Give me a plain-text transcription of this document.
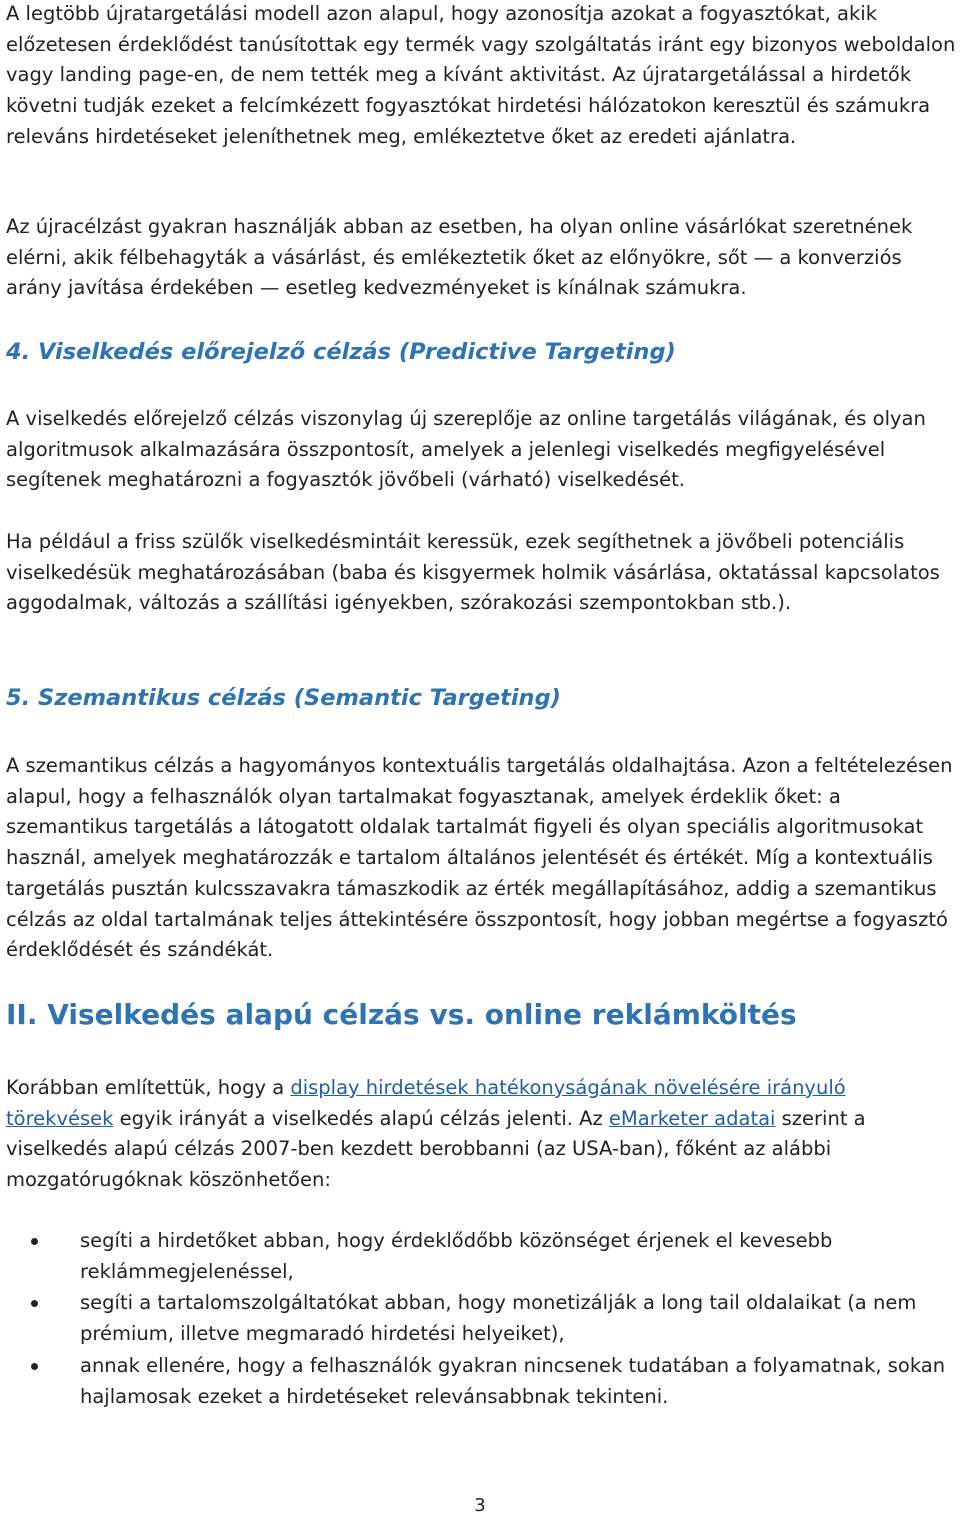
A legtöbb újratargetálási modell azon alapul, hogy azonosítja azokat a fogyasztókat, akik előzetesen érdeklődést tanúsítottak egy termék vagy szolgáltatás iránt egy bizonyos weboldalon vagy landing page-en, de nem tették meg a kívánt aktivitást. Az újratargetálással a hirdetők követni tudják ezeket a felcímkézett fogyasztókat hirdetési hálózatokon keresztül és számukra releváns hirdetéseket jeleníthetnek meg, emlékeztetve őket az eredeti ajánlatra.

Az újracélzást gyakran használják abban az esetben, ha olyan online vásárlókat szeretnének elérni, akik félbehagyták a vásárlást, és emlékeztetik őket az előnyökre, sőt — a konverziós arány javítása érdekében — esetleg kedvezményeket is kínálnak számukra.

4. Viselkedés előrejelző célzás (Predictive Targeting)

A viselkedés előrejelző célzás viszonylag új szereplője az online targetálás világának, és olyan algoritmusok alkalmazására összpontosít, amelyek a jelenlegi viselkedés megfigyelésével segítenek meghatározni a fogyasztók jövőbeli (várható) viselkedését.

Ha például a friss szülők viselkedésmintáit keressük, ezek segíthetnek a jövőbeli potenciális viselkedésük meghatározásában (baba és kisgyermek holmik vásárlása, oktatással kapcsolatos aggodalmak, változás a szállítási igényekben, szórakozási szempontokban stb.).

5. Szemantikus célzás (Semantic Targeting)

A szemantikus célzás a hagyományos kontextuális targetálás oldalhajtása. Azon a feltételezésen alapul, hogy a felhasználók olyan tartalmakat fogyasztanak, amelyek érdeklik őket: a szemantikus targetálás a látogatott oldalak tartalmát figyeli és olyan speciális algoritmusokat használ, amelyek meghatározzák e tartalom általános jelentését és értékét. Míg a kontextuális targetálás pusztán kulcsszavakra támaszkodik az érték megállapításához, addig a szemantikus célzás az oldal tartalmának teljes áttekintésére összpontosít, hogy jobban megértse a fogyasztó érdeklődését és szándékát.

II. Viselkedés alapú célzás vs. online reklámköltés

Korábban említettük, hogy a display hirdetések hatékonyságának növelésére irányuló törekvések egyik irányát a viselkedés alapú célzás jelenti. Az eMarketer adatai szerint a viselkedés alapú célzás 2007-ben kezdett berobbanni (az USA-ban), főként az alábbi mozgatórugóknak köszönhetően:

segíti a hirdetőket abban, hogy érdeklődőbb közönséget érjenek el kevesebb reklámmegjelenéssel,
segíti a tartalomszolgáltatókat abban, hogy monetizálják a long tail oldalaikat (a nem prémium, illetve megmaradó hirdetési helyeiket),
annak ellenére, hogy a felhasználók gyakran nincsenek tudatában a folyamatnak, sokan hajlamosak ezeket a hirdetéseket relevánsabbnak tekinteni.
3
